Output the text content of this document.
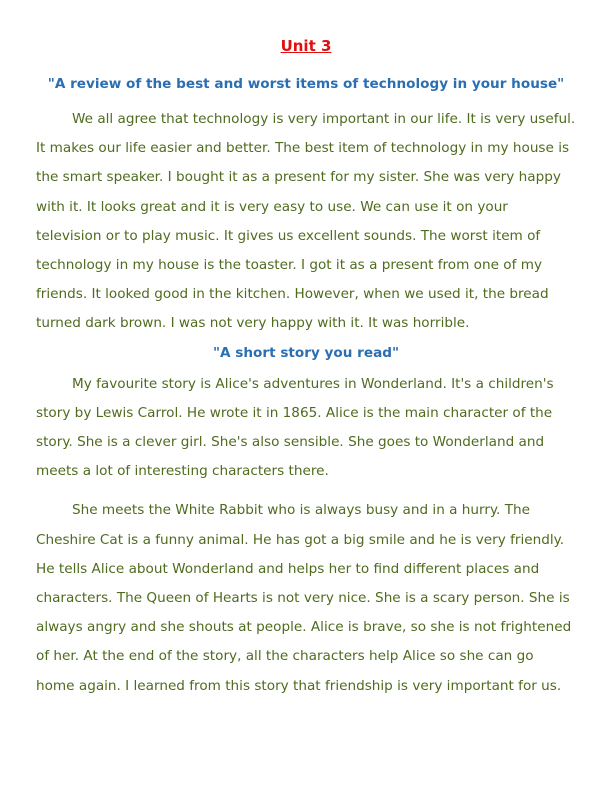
Unit 3
"A review of the best and worst items of technology in your house"

We all agree that technology is very important in our life. It is very useful. It makes our life easier and better. The best item of technology in my house is the smart speaker. I bought it as a present for my sister. She was very happy with it. It looks great and it is very easy to use. We can use it on your television or to play music. It gives us excellent sounds. The worst item of technology in my house is the toaster. I got it as a present from one of my friends. It looked good in the kitchen. However, when we used it, the bread turned dark brown. I was not very happy with it. It was horrible.

"A short story you read"

My favourite story is Alice's adventures in Wonderland. It's a children's story by Lewis Carrol. He wrote it in 1865. Alice is the main character of the story. She is a clever girl. She's also sensible. She goes to Wonderland and meets a lot of interesting characters there.

She meets the White Rabbit who is always busy and in a hurry. The Cheshire Cat is a funny animal. He has got a big smile and he is very friendly. He tells Alice about Wonderland and helps her to find different places and characters. The Queen of Hearts is not very nice. She is a scary person. She is always angry and she shouts at people. Alice is brave, so she is not frightened of her. At the end of the story, all the characters help Alice so she can go home again. I learned from this story that friendship is very important for us.
